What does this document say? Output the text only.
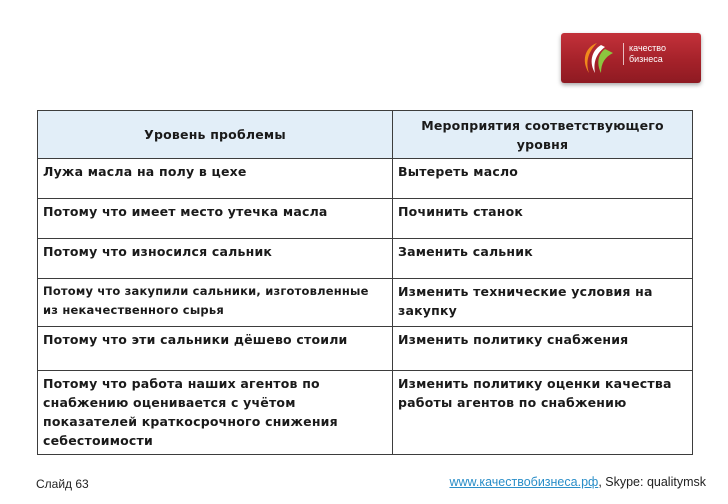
качество
бизнеса
Уровень проблемы	Мероприятия соответствующего уровня
Лужа масла на полу в цехе	Вытереть масло
Потому что имеет место утечка масла	Починить станок
Потому что износился сальник	Заменить сальник
Потому что закупили сальники, изготовленные из некачественного сырья	Изменить технические условия на закупку
Потому что эти сальники дёшево стоили	Изменить политику снабжения
Потому что работа наших агентов по снабжению оценивается с учётом показателей краткосрочного снижения себестоимости	Изменить политику оценки качества работы агентов по снабжению
Слайд 63	www.качествобизнеса.рф, Skype: qualitymsk
